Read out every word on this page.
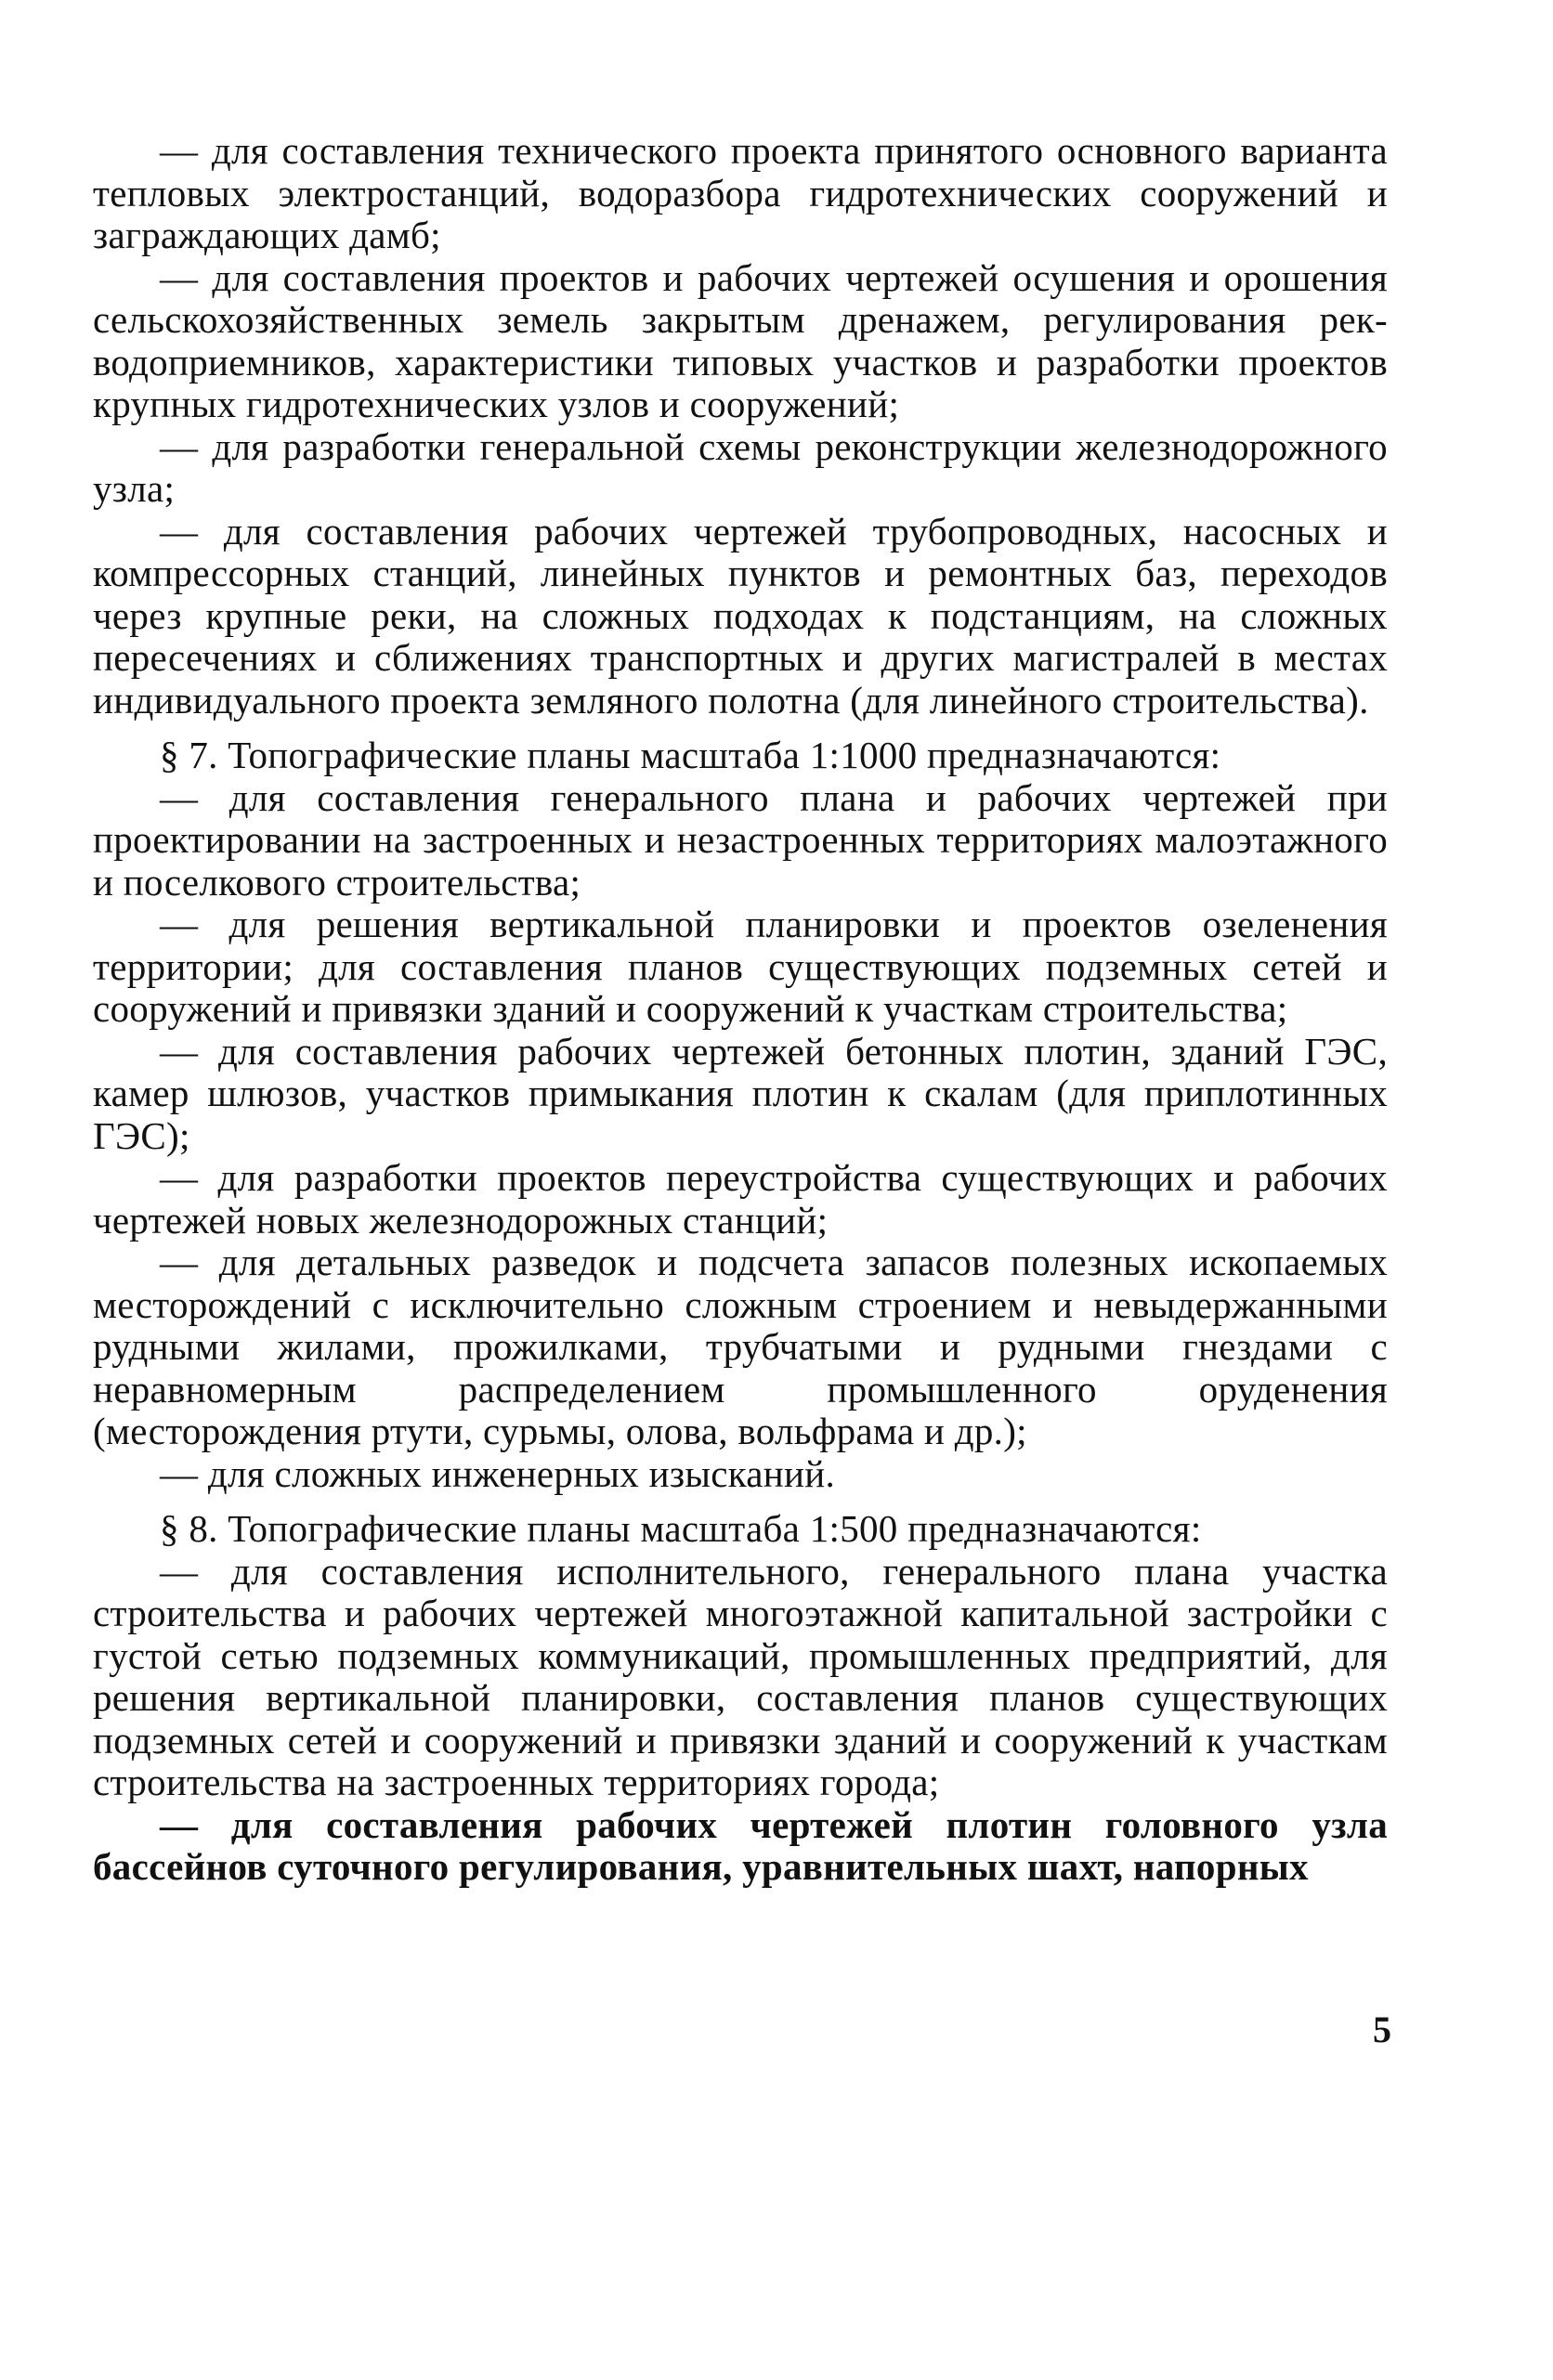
— для составления технического проекта принятого основного варианта тепловых электростанций, водоразбора гидротехнических сооружений и заграждающих дамб;

— для составления проектов и рабочих чертежей осушения и орошения сельскохозяйственных земель закрытым дренажем, регулирования рек-водоприемников, характеристики типовых участков и разработки проектов крупных гидротехнических узлов и сооружений;

— для разработки генеральной схемы реконструкции железнодорожного узла;

— для составления рабочих чертежей трубопроводных, насосных и компрессорных станций, линейных пунктов и ремонтных баз, переходов через крупные реки, на сложных подходах к подстанциям, на сложных пересечениях и сближениях транспортных и других магистралей в местах индивидуального проекта земляного полотна (для линейного строительства).

§ 7. Топографические планы масштаба 1:1000 предназначаются:

— для составления генерального плана и рабочих чертежей при проектировании на застроенных и незастроенных территориях малоэтажного и поселкового строительства;

— для решения вертикальной планировки и проектов озеленения территории; для составления планов существующих подземных сетей и сооружений и привязки зданий и сооружений к участкам строительства;

— для составления рабочих чертежей бетонных плотин, зданий ГЭС, камер шлюзов, участков примыкания плотин к скалам (для приплотинных ГЭС);

— для разработки проектов переустройства существующих и рабочих чертежей новых железнодорожных станций;

— для детальных разведок и подсчета запасов полезных ископаемых месторождений с исключительно сложным строением и невыдержанными рудными жилами, прожилками, трубчатыми и рудными гнездами с неравномерным распределением промышленного оруденения (месторождения ртути, сурьмы, олова, вольфрама и др.);

— для сложных инженерных изысканий.

§ 8. Топографические планы масштаба 1:500 предназначаются:

— для составления исполнительного, генерального плана участка строительства и рабочих чертежей многоэтажной капитальной застройки с густой сетью подземных коммуникаций, промышленных предприятий, для решения вертикальной планировки, составления планов существующих подземных сетей и сооружений и привязки зданий и сооружений к участкам строительства на застроенных территориях города;

— для составления рабочих чертежей плотин головного узла бассейнов суточного регулирования, уравнительных шахт, напорных

5
